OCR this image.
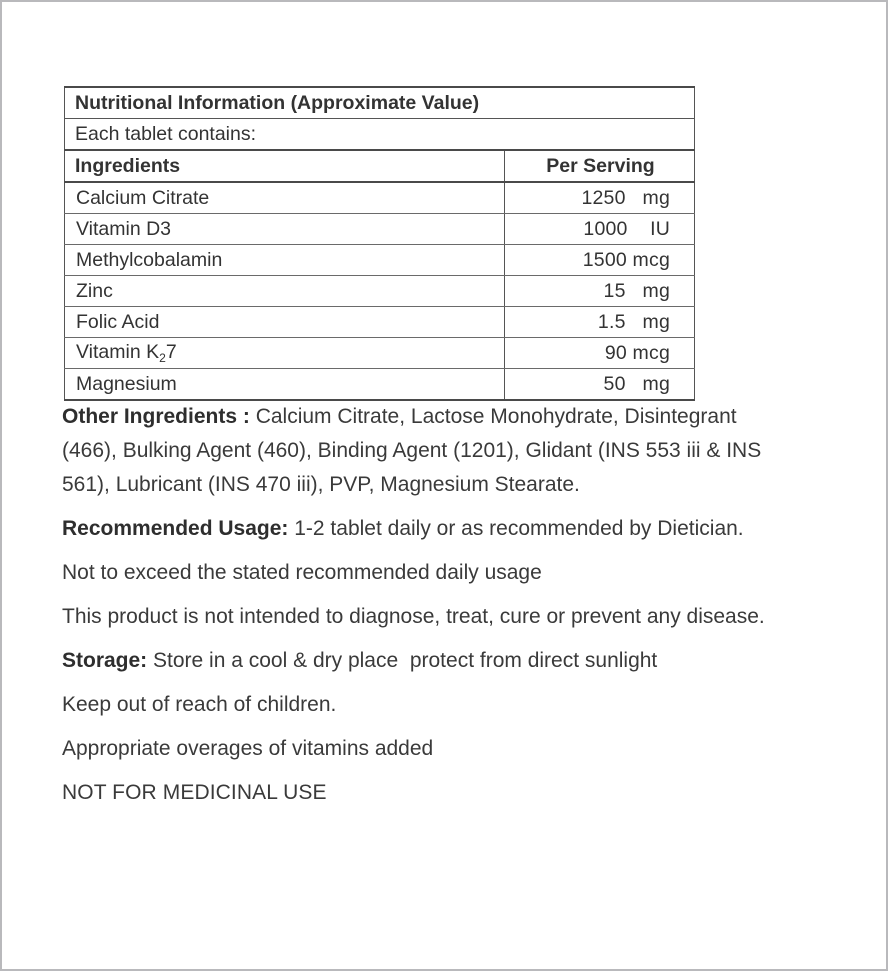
Nutritional Information (Approximate Value)	
Each tablet contains:	
Ingredients	Per Serving
Calcium Citrate	1250 mg
Vitamin D3	1000 IU
Methylcobalamin	1500 mcg
Zinc	15 mg
Folic Acid	1.5 mg
Vitamin $K_27$	90 mcg
Magnesium	50 mg

Other Ingredients : Calcium Citrate, Lactose Monohydrate, Disintegrant (466), Bulking Agent (460), Binding Agent (1201), Glidant (INS 553 iii & INS 561), Lubricant (INS 470 iii), PVP, Magnesium Stearate.

Recommended Usage: 1-2 tablet daily or as recommended by Dietician.

Not to exceed the stated recommended daily usage

This product is not intended to diagnose, treat, cure or prevent any disease.

Storage: Store in a cool & dry place  protect from direct sunlight

Keep out of reach of children.

Appropriate overages of vitamins added

NOT FOR MEDICINAL USE
